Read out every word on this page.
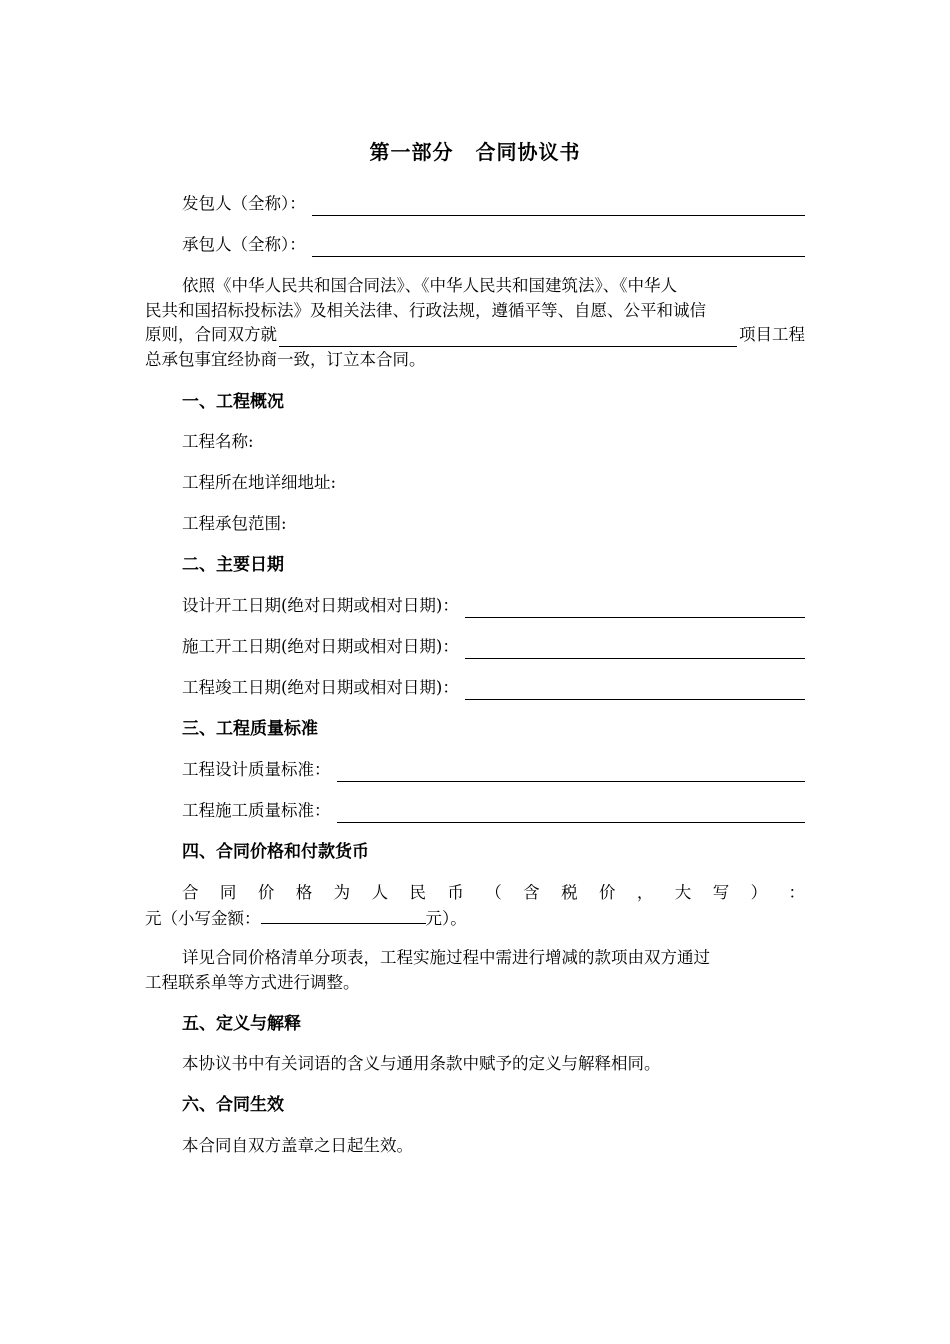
第一部分 合同协议书
发包人（全称）：
承包人（全称）：
依照《中华人民共和国合同法》、《中华人民共和国建筑法》、《中华人
民共和国招标投标法》及相关法律、行政法规，遵循平等、自愿、公平和诚信
原则，合同双方就	项目工程
总承包事宜经协商一致，订立本合同。
一、工程概况
工程名称:
工程所在地详细地址:
工程承包范围:
二、主要日期
设计开工日期(绝对日期或相对日期)：
施工开工日期(绝对日期或相对日期)：
工程竣工日期(绝对日期或相对日期)：
三、工程质量标准
工程设计质量标准：
工程施工质量标准：
四、合同价格和付款货币
合 同 价 格 为 人 民 币 （ 含 税 价 ， 大 写 ） ：
元（小写金额：	元）。
详见合同价格清单分项表，工程实施过程中需进行增减的款项由双方通过
工程联系单等方式进行调整。
五、定义与解释
本协议书中有关词语的含义与通用条款中赋予的定义与解释相同。
六、合同生效
本合同自双方盖章之日起生效。
